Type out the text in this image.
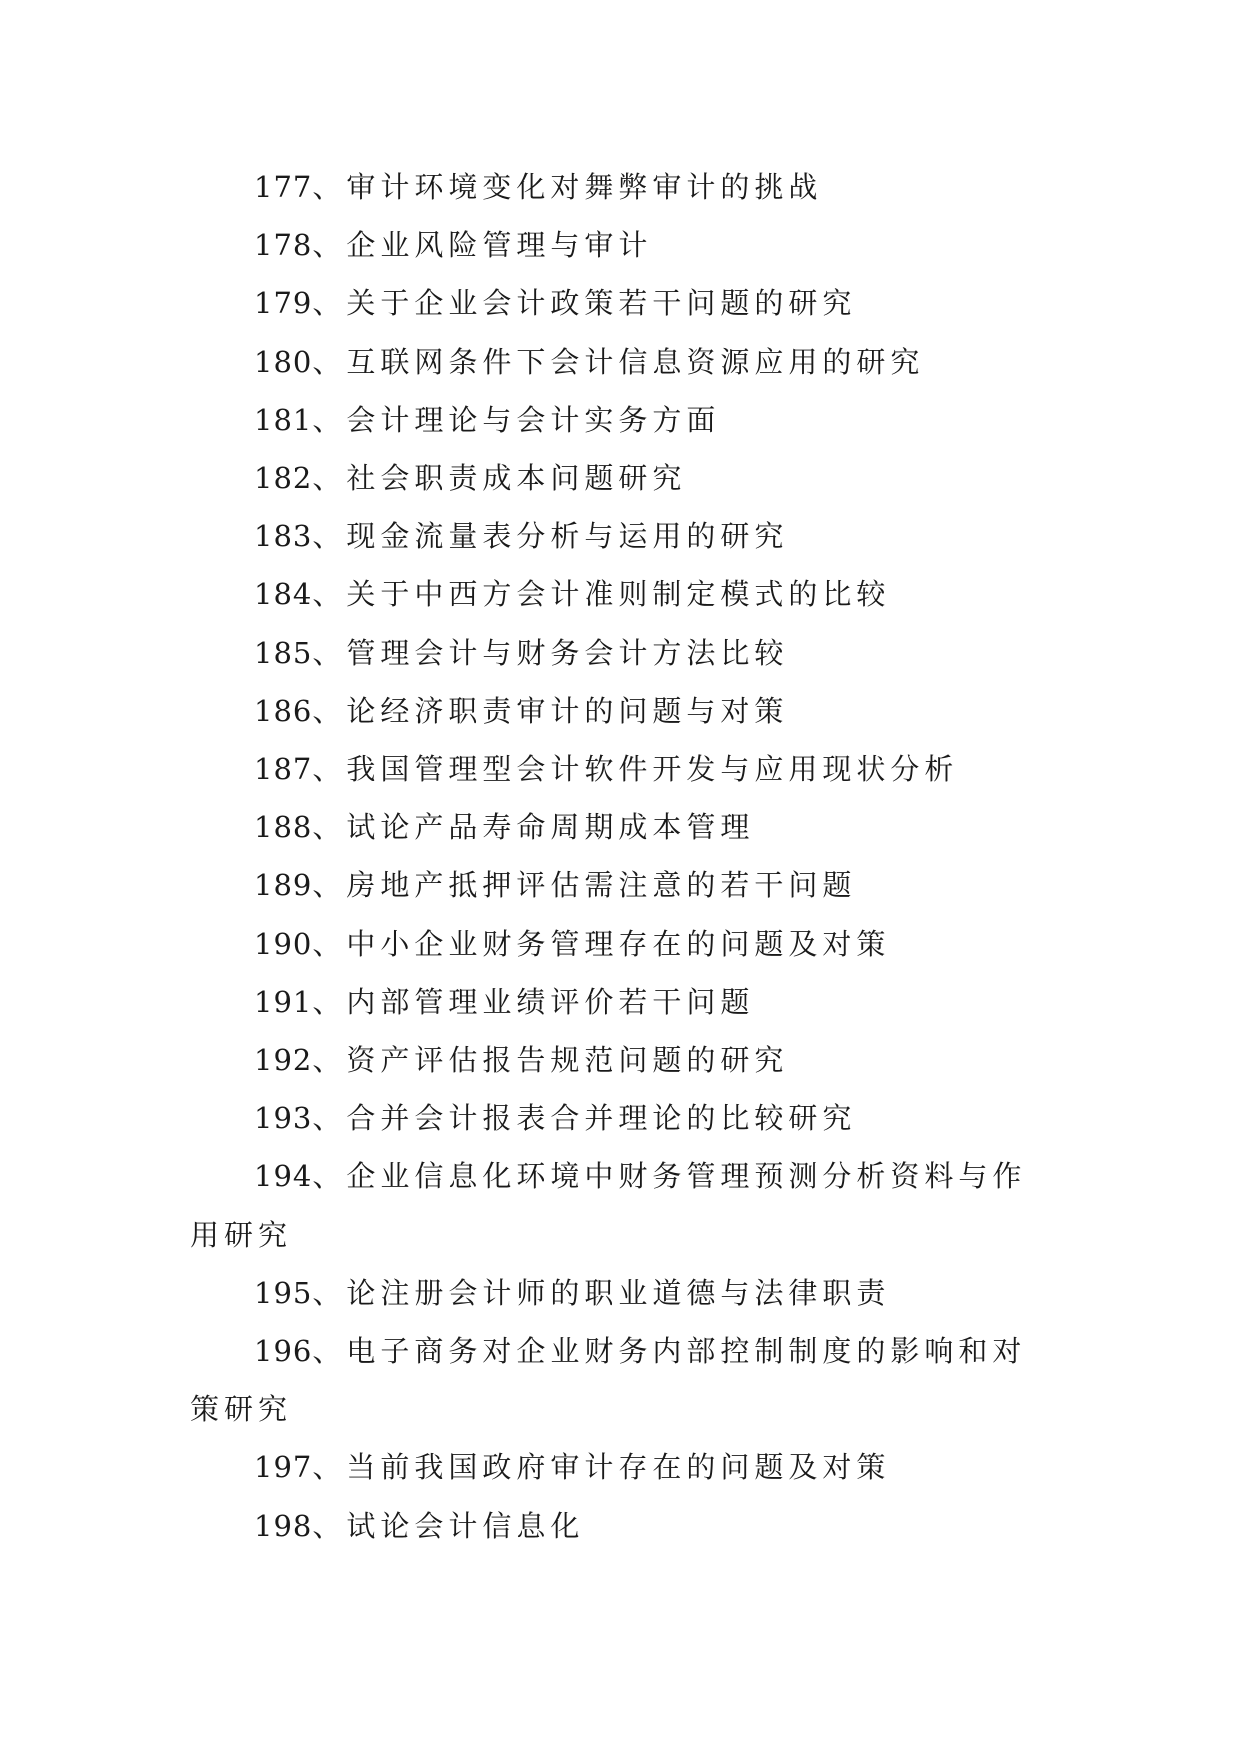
177、审计环境变化对舞弊审计的挑战
178、企业风险管理与审计
179、关于企业会计政策若干问题的研究
180、互联网条件下会计信息资源应用的研究
181、会计理论与会计实务方面
182、社会职责成本问题研究
183、现金流量表分析与运用的研究
184、关于中西方会计准则制定模式的比较
185、管理会计与财务会计方法比较
186、论经济职责审计的问题与对策
187、我国管理型会计软件开发与应用现状分析
188、试论产品寿命周期成本管理
189、房地产抵押评估需注意的若干问题
190、中小企业财务管理存在的问题及对策
191、内部管理业绩评价若干问题
192、资产评估报告规范问题的研究
193、合并会计报表合并理论的比较研究
194、企业信息化环境中财务管理预测分析资料与作用研究
195、论注册会计师的职业道德与法律职责
196、电子商务对企业财务内部控制制度的影响和对策研究
197、当前我国政府审计存在的问题及对策
198、试论会计信息化
